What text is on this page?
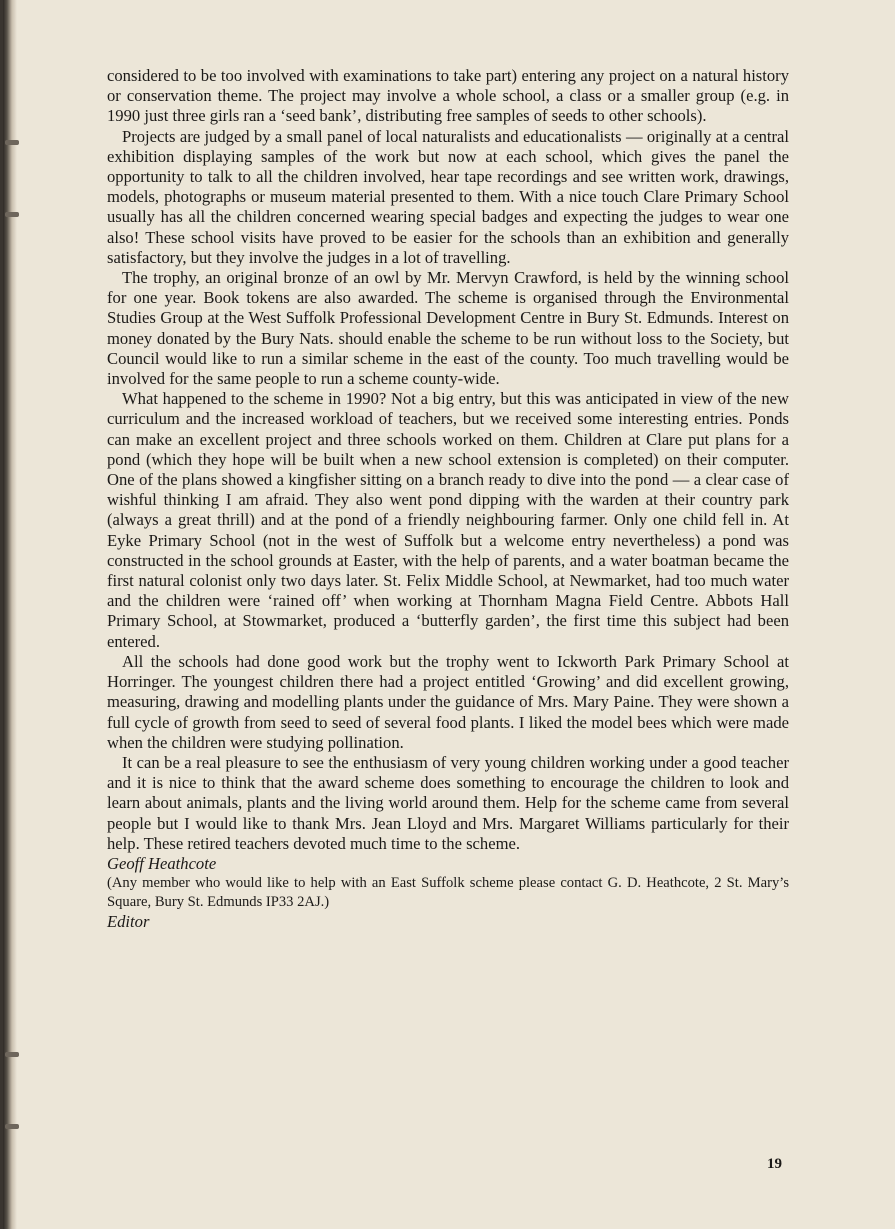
considered to be too involved with examinations to take part) entering any project on a natural history or conservation theme. The project may involve a whole school, a class or a smaller group (e.g. in 1990 just three girls ran a ‘seed bank’, distributing free samples of seeds to other schools).

Projects are judged by a small panel of local naturalists and educationalists — originally at a central exhibition displaying samples of the work but now at each school, which gives the panel the opportunity to talk to all the children involved, hear tape recordings and see written work, drawings, models, photographs or museum material presented to them. With a nice touch Clare Primary School usually has all the children concerned wearing special badges and expecting the judges to wear one also! These school visits have proved to be easier for the schools than an exhibition and generally satisfactory, but they involve the judges in a lot of travelling.

The trophy, an original bronze of an owl by Mr. Mervyn Crawford, is held by the winning school for one year. Book tokens are also awarded. The scheme is organised through the Environmental Studies Group at the West Suffolk Professional Development Centre in Bury St. Edmunds. Interest on money donated by the Bury Nats. should enable the scheme to be run without loss to the Society, but Council would like to run a similar scheme in the east of the county. Too much travelling would be involved for the same people to run a scheme county-wide.

What happened to the scheme in 1990? Not a big entry, but this was anticipated in view of the new curriculum and the increased workload of teachers, but we received some interesting entries. Ponds can make an excellent project and three schools worked on them. Children at Clare put plans for a pond (which they hope will be built when a new school extension is completed) on their computer. One of the plans showed a kingfisher sitting on a branch ready to dive into the pond — a clear case of wishful thinking I am afraid. They also went pond dipping with the warden at their country park (always a great thrill) and at the pond of a friendly neighbouring farmer. Only one child fell in. At Eyke Primary School (not in the west of Suffolk but a welcome entry nevertheless) a pond was constructed in the school grounds at Easter, with the help of parents, and a water boatman became the first natural colonist only two days later. St. Felix Middle School, at Newmarket, had too much water and the children were ‘rained off’ when working at Thornham Magna Field Centre. Abbots Hall Primary School, at Stowmarket, produced a ‘butterfly garden’, the first time this subject had been entered.

All the schools had done good work but the trophy went to Ickworth Park Primary School at Horringer. The youngest children there had a project entitled ‘Growing’ and did excellent growing, measuring, drawing and modelling plants under the guidance of Mrs. Mary Paine. They were shown a full cycle of growth from seed to seed of several food plants. I liked the model bees which were made when the children were studying pollination.

It can be a real pleasure to see the enthusiasm of very young children working under a good teacher and it is nice to think that the award scheme does something to encourage the children to look and learn about animals, plants and the living world around them. Help for the scheme came from several people but I would like to thank Mrs. Jean Lloyd and Mrs. Margaret Williams particularly for their help. These retired teachers devoted much time to the scheme.

Geoff Heathcote

(Any member who would like to help with an East Suffolk scheme please contact G. D. Heathcote, 2 St. Mary’s Square, Bury St. Edmunds IP33 2AJ.)

Editor

19
